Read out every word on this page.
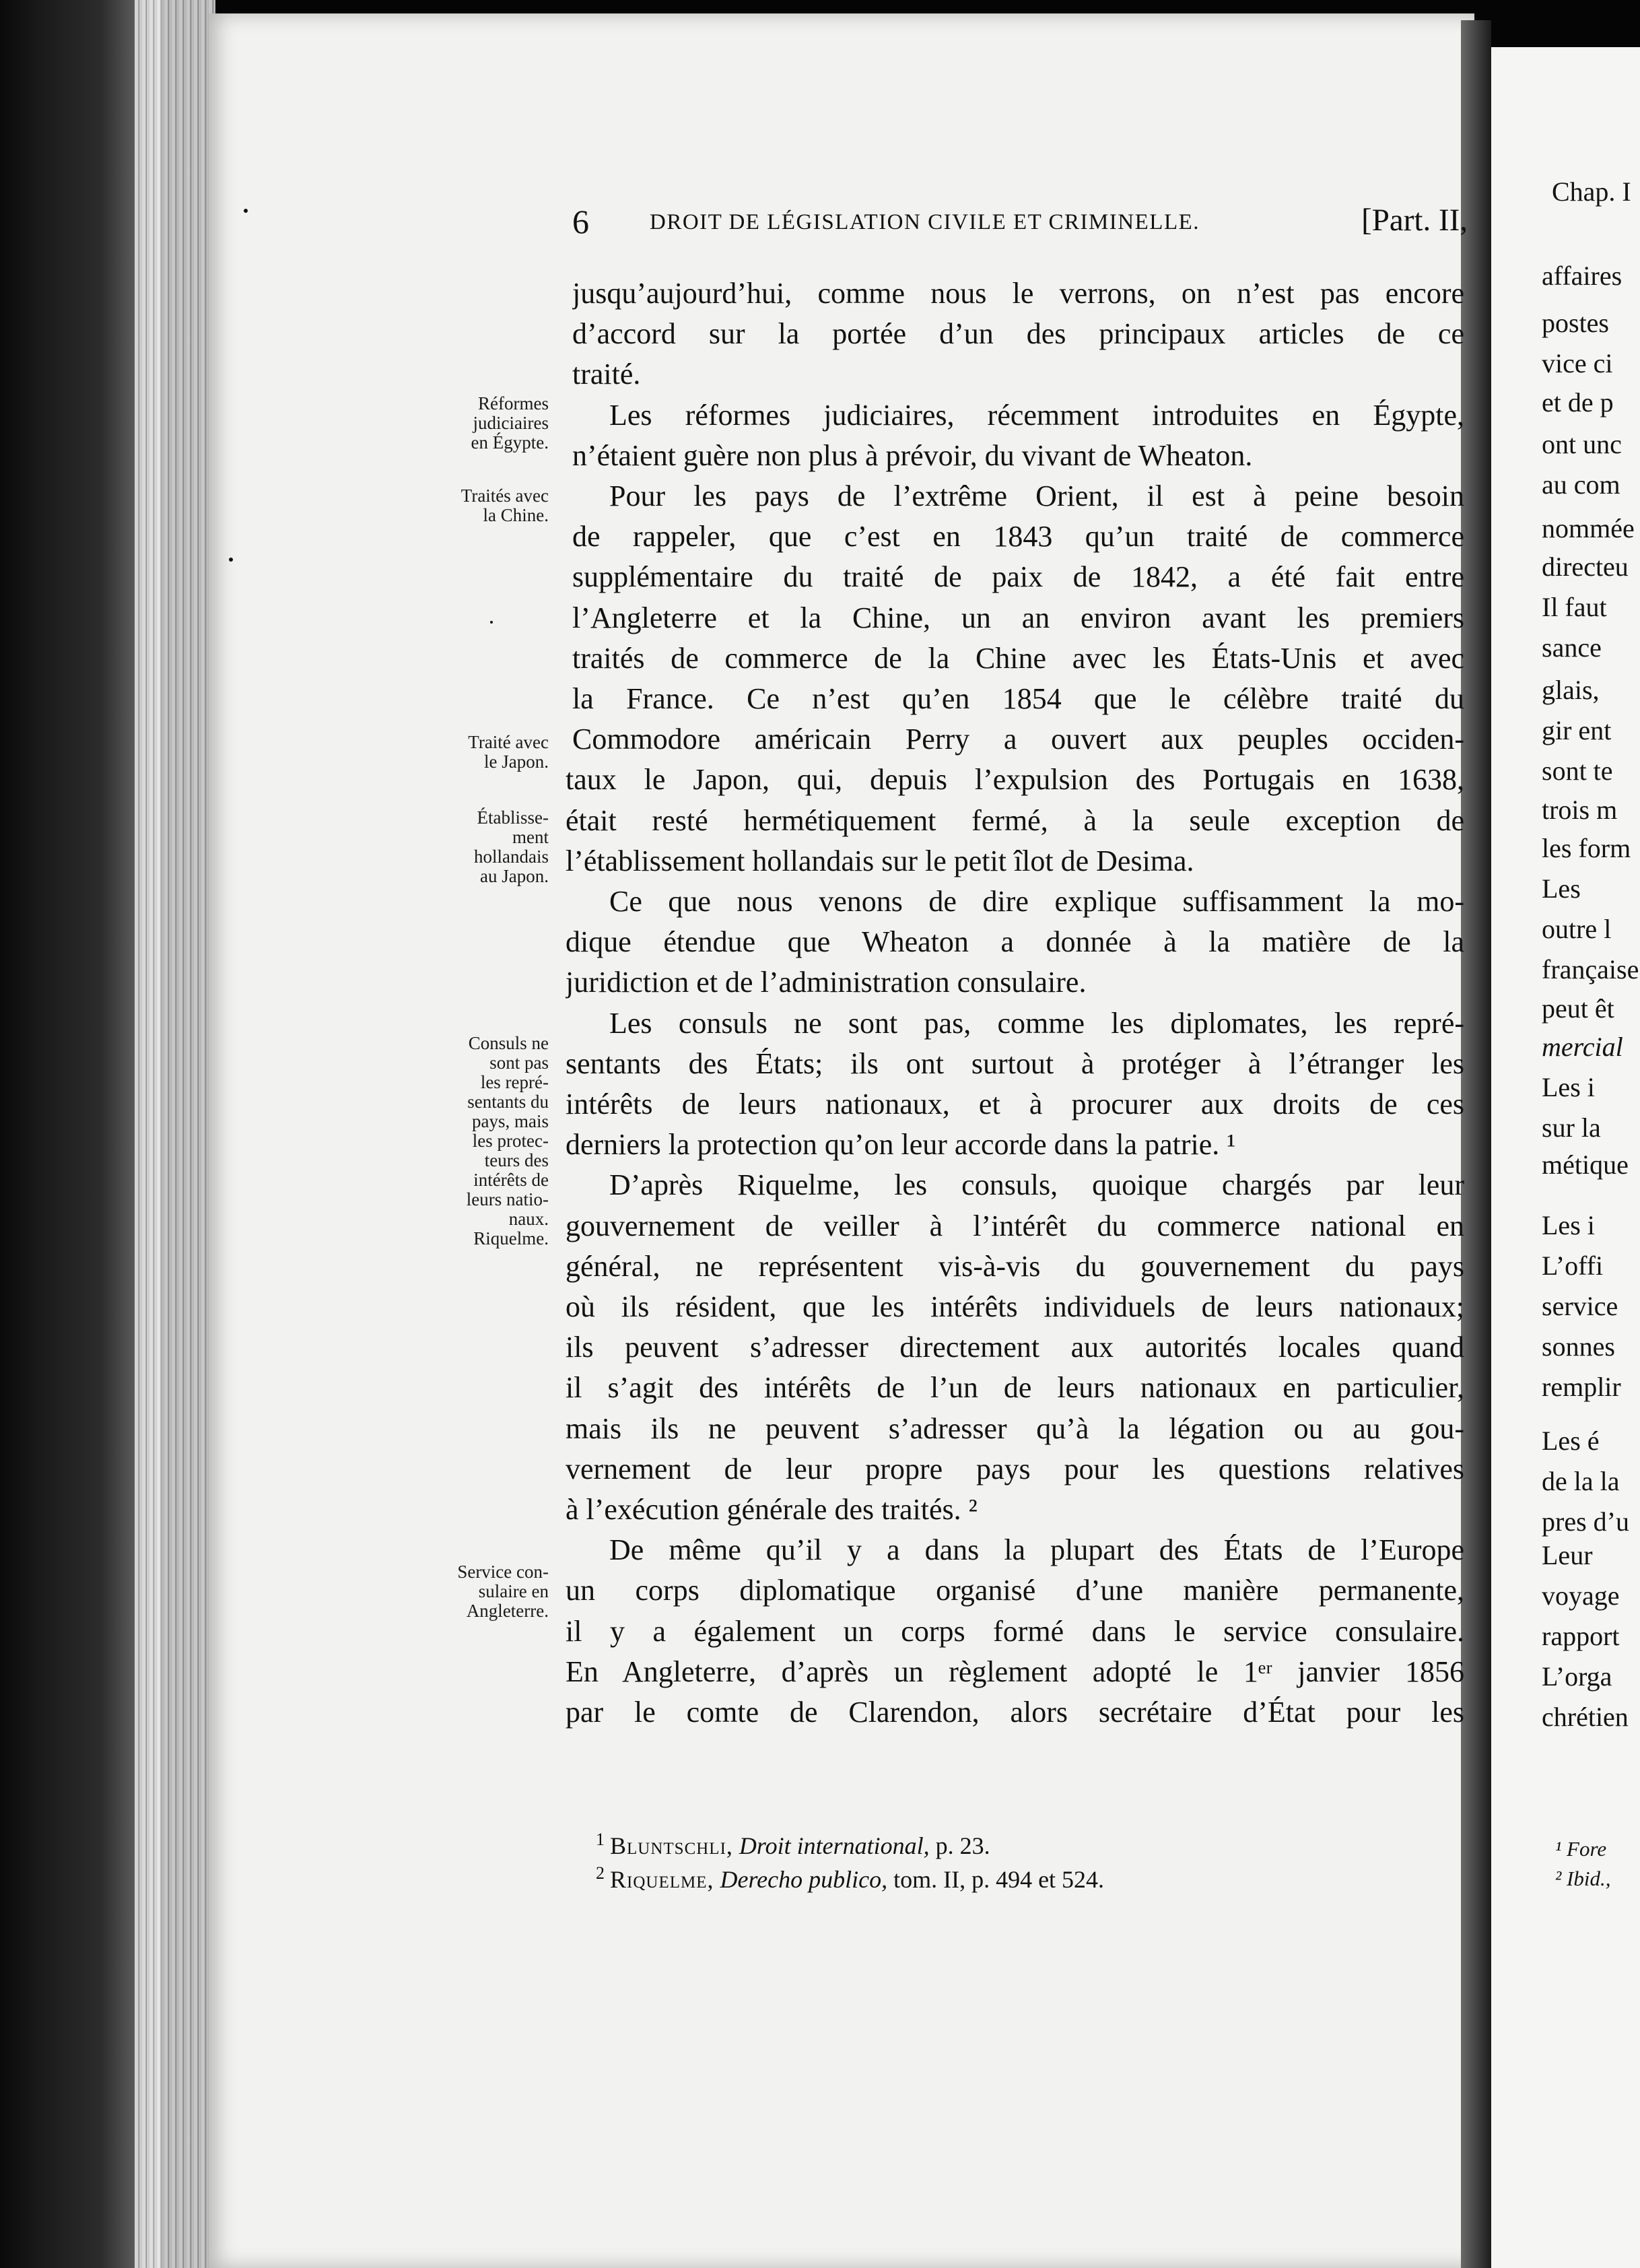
Chap. I
affaires
postes
vice ci
et de p
ont unc
au com
nommée
directeu
Il faut
sance
glais,
gir ent
sont te
trois m
les form
Les
outre l
française
peut êt
mercial
Les i
sur la
métique
Les i
L’offi
service
sonnes
remplir
Les é
de la la
pres d’u
Leur
voyage
rapport
L’orga
chrétien
¹ Fore
² Ibid.,
6	DROIT DE LÉGISLATION CIVILE ET CRIMINELLE.	[Part. II,
jusqu’aujourd’hui, comme nous le verrons, on n’est pas encore
d’accord sur la portée d’un des principaux articles de ce
traité.
Les réformes judiciaires, récemment introduites en Égypte,
n’étaient guère non plus à prévoir, du vivant de Wheaton.
Pour les pays de l’extrême Orient, il est à peine besoin
de rappeler, que c’est en 1843 qu’un traité de commerce
supplémentaire du traité de paix de 1842, a été fait entre
l’Angleterre et la Chine, un an environ avant les premiers
traités de commerce de la Chine avec les États-Unis et avec
la France. Ce n’est qu’en 1854 que le célèbre traité du
Commodore américain Perry a ouvert aux peuples occiden-
taux le Japon, qui, depuis l’expulsion des Portugais en 1638,
était resté hermétiquement fermé, à la seule exception de
l’établissement hollandais sur le petit îlot de Desima.
Ce que nous venons de dire explique suffisamment la mo-
dique étendue que Wheaton a donnée à la matière de la
juridiction et de l’administration consulaire.
Les consuls ne sont pas, comme les diplomates, les repré-
sentants des États; ils ont surtout à protéger à l’étranger les
intérêts de leurs nationaux, et à procurer aux droits de ces
derniers la protection qu’on leur accorde dans la patrie. ¹
D’après Riquelme, les consuls, quoique chargés par leur
gouvernement de veiller à l’intérêt du commerce national en
général, ne représentent vis-à-vis du gouvernement du pays
où ils résident, que les intérêts individuels de leurs nationaux;
ils peuvent s’adresser directement aux autorités locales quand
il s’agit des intérêts de l’un de leurs nationaux en particulier,
mais ils ne peuvent s’adresser qu’à la légation ou au gou-
vernement de leur propre pays pour les questions relatives
à l’exécution générale des traités. ²
De même qu’il y a dans la plupart des États de l’Europe
un corps diplomatique organisé d’une manière permanente,
il y a également un corps formé dans le service consulaire.
En Angleterre, d’après un règlement adopté le 1ᵉʳ janvier 1856
par le comte de Clarendon, alors secrétaire d’État pour les
Réformes
judiciaires
en Égypte.
Traités avec
la Chine.
Traité avec
le Japon.
Établisse-
ment
hollandais
au Japon.
Consuls ne
sont pas
les repré-
sentants du
pays, mais
les protec-
teurs des
intérêts de
leurs natio-
naux.
Riquelme.
Service con-
sulaire en
Angleterre.
$^1$ Bluntschli, Droit international, p. 23.
$^2$ Riquelme, Derecho publico, tom. II, p. 494 et 524.
